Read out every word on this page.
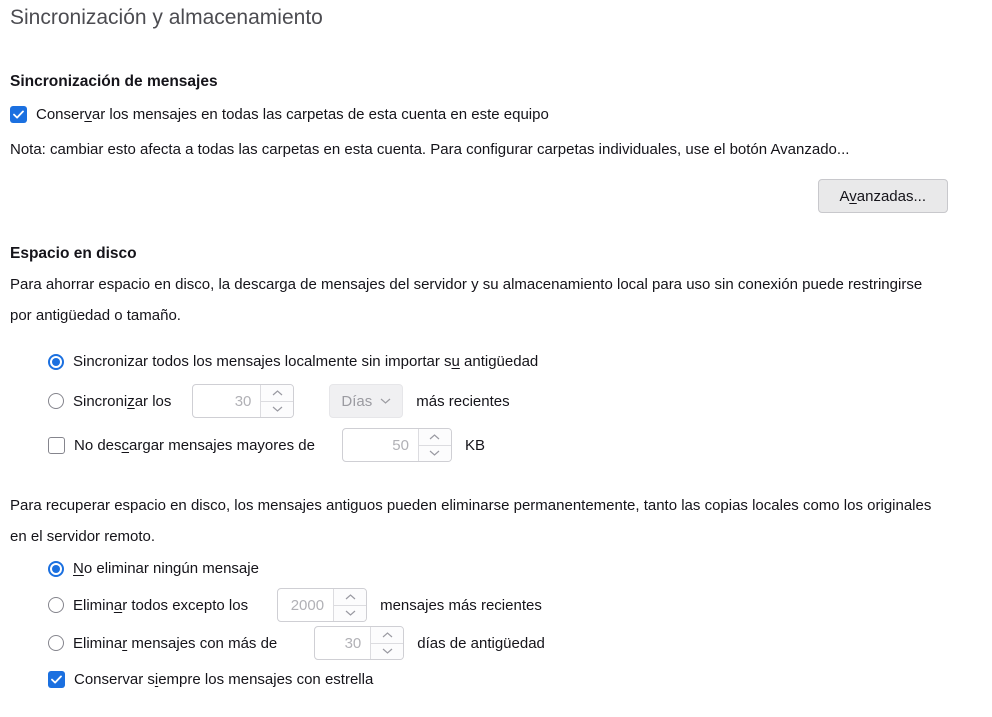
Sincronización y almacenamiento
Sincronización de mensajes
Conservar los mensajes en todas las carpetas de esta cuenta en este equipo
Nota: cambiar esto afecta a todas las carpetas en esta cuenta. Para configurar carpetas individuales, use el botón Avanzado...
Avanzadas...
Espacio en disco
Para ahorrar espacio en disco, la descarga de mensajes del servidor y su almacenamiento local para uso sin conexión puede restringirse por antigüedad o tamaño.
Sincronizar todos los mensajes localmente sin importar su antigüedad
Sincronizar los	30	Días	más recientes
No descargar mensajes mayores de	50	KB
Para recuperar espacio en disco, los mensajes antiguos pueden eliminarse permanentemente, tanto las copias locales como los originales en el servidor remoto.
No eliminar ningún mensaje
Eliminar todos excepto los	2000	mensajes más recientes
Eliminar mensajes con más de	30	días de antigüedad
Conservar siempre los mensajes con estrella
